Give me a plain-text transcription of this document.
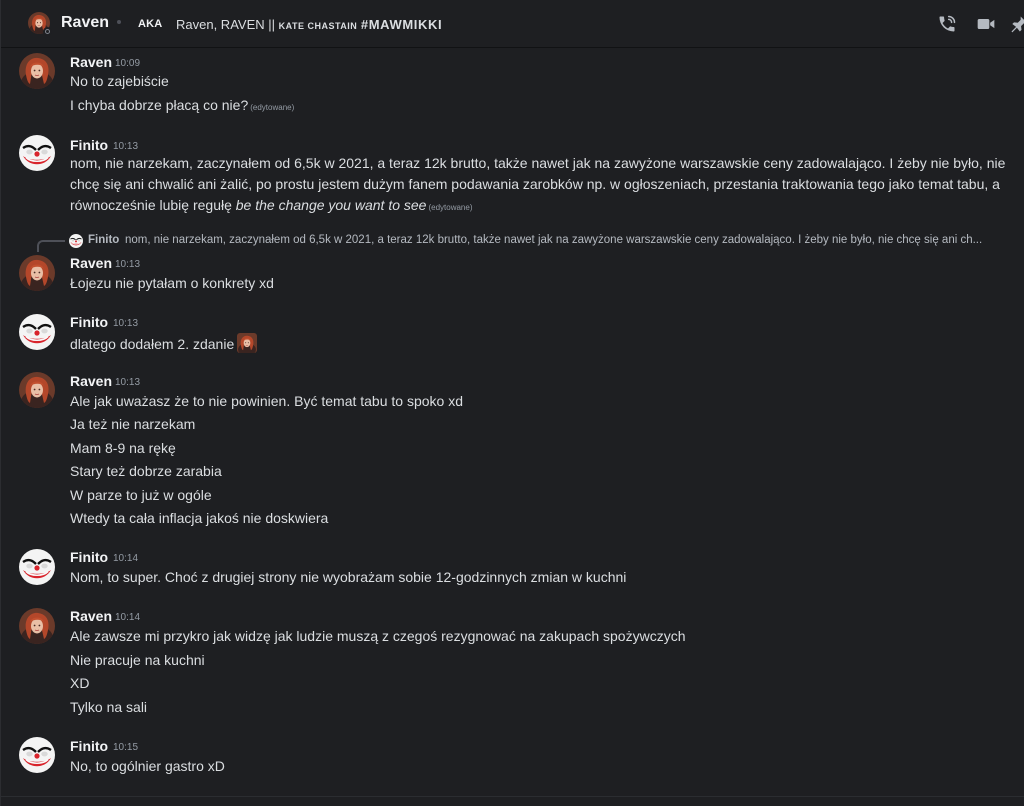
Raven	AKA Raven, RAVEN || KATE CHASTAIN #MAWMIKKI
Raven 10:09
No to zajebiście
I chyba dobrze płacą co nie? (edytowane)
Finito 10:13
nom, nie narzekam, zaczynałem od 6,5k w 2021, a teraz 12k brutto, także nawet jak na zawyżone warszawskie ceny zadowalająco. I żeby nie było, nie chcę się ani chwalić ani żalić, po prostu jestem dużym fanem podawania zarobków np. w ogłoszeniach, przestania traktowania tego jako temat tabu, a równocześnie lubię regułę be the change you want to see (edytowane)
Finito nom, nie narzekam, zaczynałem od 6,5k w 2021, a teraz 12k brutto, także nawet jak na zawyżone warszawskie ceny zadowalająco. I żeby nie było, nie chcę się ani ch...
Raven 10:13
Łojezu nie pytałam o konkrety xd
Finito 10:13
dlatego dodałem 2. zdanie
Raven 10:13
Ale jak uważasz że to nie powinien. Być temat tabu to spoko xd
Ja też nie narzekam
Mam 8-9 na rękę
Stary też dobrze zarabia
W parze to już w ogóle
Wtedy ta cała inflacja jakoś nie doskwiera
Finito 10:14
Nom, to super. Choć z drugiej strony nie wyobrażam sobie 12-godzinnych zmian w kuchni
Raven 10:14
Ale zawsze mi przykro jak widzę jak ludzie muszą z czegoś rezygnować na zakupach spożywczych
Nie pracuje na kuchni
XD
Tylko na sali
Finito 10:15
No, to ogólnier gastro xD
